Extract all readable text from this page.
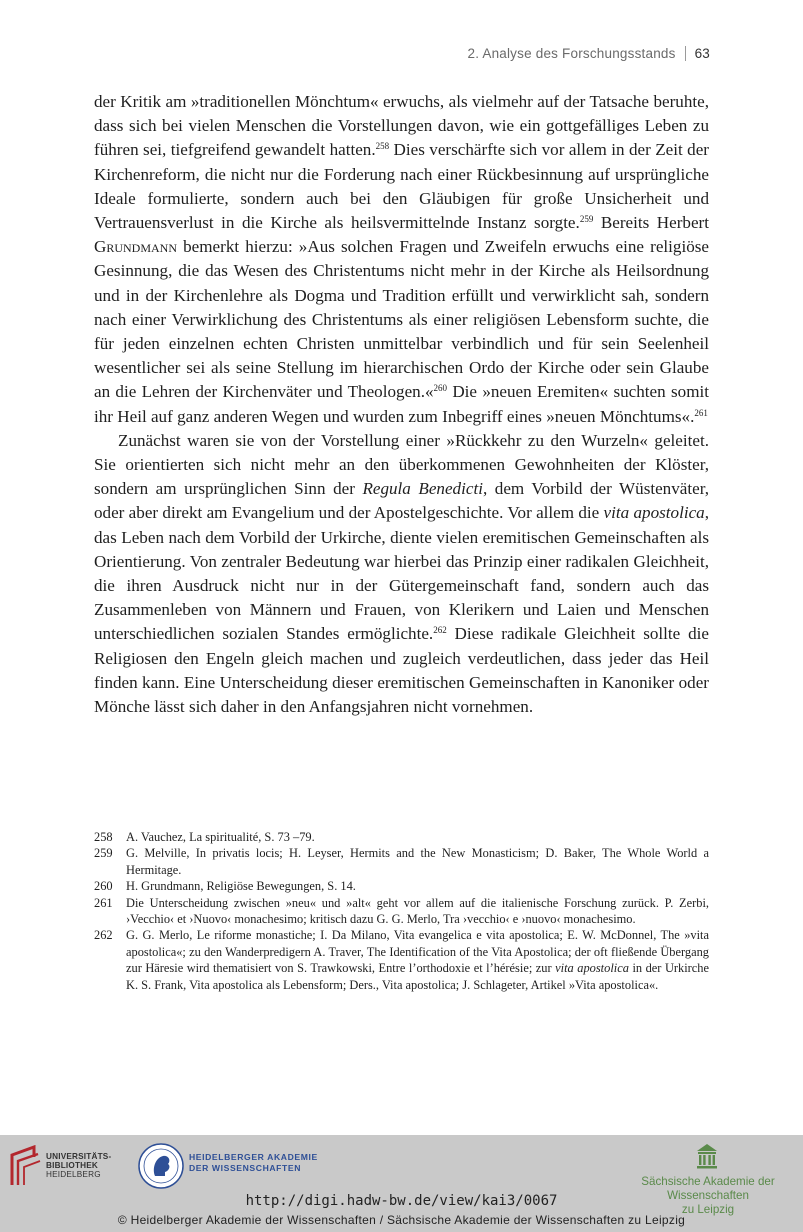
2. Analyse des Forschungsstands 63

der Kritik am »traditionellen Mönchtum« erwuchs, als vielmehr auf der Tatsache beruhte, dass sich bei vielen Menschen die Vorstellungen davon, wie ein gottgefälliges Leben zu führen sei, tiefgreifend gewandelt hatten.$^{258}$ Dies verschärfte sich vor allem in der Zeit der Kirchenreform, die nicht nur die Forderung nach einer Rückbesinnung auf ursprüngliche Ideale formulierte, sondern auch bei den Gläubigen für große Unsicherheit und Vertrauensverlust in die Kirche als heilsvermittelnde Instanz sorgte.$^{259}$ Bereits Herbert Grundmann bemerkt hierzu: »Aus solchen Fragen und Zweifeln erwuchs eine religiöse Gesinnung, die das Wesen des Christentums nicht mehr in der Kirche als Heilsordnung und in der Kirchenlehre als Dogma und Tradition erfüllt und verwirklicht sah, sondern nach einer Verwirklichung des Christentums als einer religiösen Lebensform suchte, die für jeden einzelnen echten Christen unmittelbar verbindlich und für sein Seelenheil wesentlicher sei als seine Stellung im hierarchischen Ordo der Kirche oder sein Glaube an die Lehren der Kirchenväter und Theologen.«$^{260}$ Die »neuen Eremiten« suchten somit ihr Heil auf ganz anderen Wegen und wurden zum Inbegriff eines »neuen Mönchtums«.$^{261}$

Zunächst waren sie von der Vorstellung einer »Rückkehr zu den Wurzeln« geleitet. Sie orientierten sich nicht mehr an den überkommenen Gewohnheiten der Klöster, sondern am ursprünglichen Sinn der Regula Benedicti, dem Vorbild der Wüstenväter, oder aber direkt am Evangelium und der Apostelgeschichte. Vor allem die vita apostolica, das Leben nach dem Vorbild der Urkirche, diente vielen eremitischen Gemeinschaften als Orientierung. Von zentraler Bedeutung war hierbei das Prinzip einer radikalen Gleichheit, die ihren Ausdruck nicht nur in der Gütergemeinschaft fand, sondern auch das Zusammenleben von Männern und Frauen, von Klerikern und Laien und Menschen unterschiedlichen sozialen Standes ermöglichte.$^{262}$ Diese radikale Gleichheit sollte die Religiosen den Engeln gleich machen und zugleich verdeutlichen, dass jeder das Heil finden kann. Eine Unterscheidung dieser eremitischen Gemeinschaften in Kanoniker oder Mönche lässt sich daher in den Anfangsjahren nicht vornehmen.

258	A. Vauchez, La spiritualité, S. 73 –79.
259	G. Melville, In privatis locis; H. Leyser, Hermits and the New Monasticism; D. Baker, The Whole World a Hermitage.
260	H. Grundmann, Religiöse Bewegungen, S. 14.
261	Die Unterscheidung zwischen »neu« und »alt« geht vor allem auf die italienische Forschung zurück. P. Zerbi, ›Vecchio‹ et ›Nuovo‹ monachesimo; kritisch dazu G. G. Merlo, Tra ›vecchio‹ e ›nuovo‹ monachesimo.
262	G. G. Merlo, Le riforme monastiche; I. Da Milano, Vita evangelica e vita apostolica; E. W. McDonnel, The »vita apostolica«; zu den Wanderpredigern A. Traver, The Identification of the Vita Apostolica; der oft fließende Übergang zur Häresie wird thematisiert von S. Trawkowski, Entre l’orthodoxie et l’hérésie; zur vita apostolica in der Urkirche K. S. Frank, Vita apostolica als Lebensform; Ders., Vita apostolica; J. Schlageter, Artikel »Vita apostolica«.
UNIVERSITÄTS-
BIBLIOTHEK
HEIDELBERG
HEIDELBERGER AKADEMIE
DER WISSENSCHAFTEN
Sächsische Akademie der Wissenschaften
zu Leipzig
http://digi.hadw-bw.de/view/kai3/0067
© Heidelberger Akademie der Wissenschaften / Sächsische Akademie der Wissenschaften zu Leipzig
